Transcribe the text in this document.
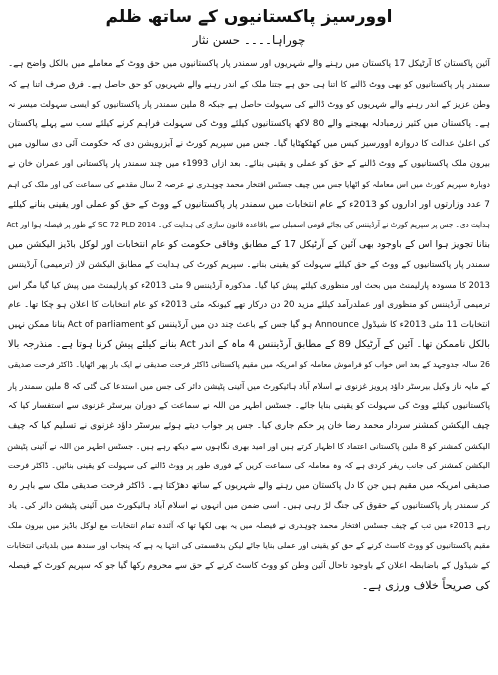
اوورسیز پاکستانیوں کے ساتھ ظلم
چوراہا۔۔۔۔ حسن نثار
آئین پاکستان کا آرٹیکل 17 پاکستان میں رہنے والے شہریوں اور سمندر پار پاکستانیوں میں حق ووٹ کے معاملے میں بالکل واضح ہے۔
سمندر پار پاکستانیوں کو بھی ووٹ ڈالنے کا اتنا ہی حق ہے جتنا ملک کے اندر رہنے والے شہریوں کو حق حاصل ہے۔ فرق صرف اتنا ہے کہ
وطن عزیز کے اندر رہنے والے شہریوں کو ووٹ ڈالنے کی سہولت حاصل ہے جبکہ 8 ملین سمندر پار پاکستانیوں کو ایسی سہولت میسر نہ
ہے۔ پاکستان میں کثیر زرمبادلہ بھیجنے والے 80 لاکھ پاکستانیوں کیلئے ووٹ کی سہولت فراہم کرنے کیلئے سب سے پہلے پاکستان
کی اعلیٰ عدالت کا دروازہ اوورسیز کیس میں کھٹکھٹایا گیا۔ جس میں سپریم کورٹ نے آبزرویشن دی کہ حکومت آئی دی سالوں میں
بیرون ملک پاکستانیوں کے ووٹ ڈالنے کے حق کو عملی و یقینی بنائے۔ بعد ازاں 1993ء میں چند سمندر پار پاکستانی اور عمران خان نے
دوبارہ سپریم کورٹ میں اس معاملہ کو اٹھایا جس میں چیف جسٹس افتخار محمد چوہدری نے عرصہ 2 سال مقدمے کی سماعت کی اور ملک کی اہم
7 عدد وزارتوں اور اداروں کو 2013ء کے عام انتخابات میں سمندر پار پاکستانیوں کے ووٹ کے حق کو عملی اور یقینی بنانے کیلئے
ہدایت دی۔ جس پر سپریم کورٹ نے آرڈیننس کی بجائے قومی اسمبلی سے باقاعدہ قانون سازی کی ہدایت کی۔ SC 72 PLD 2014 کے طور پر فیصلہ ہوا اور Act
بنانا تجویز ہوا اس کے باوجود بھی آئین کے آرٹیکل 17 کے مطابق وفاقی حکومت کو عام انتخابات اور لوکل باڈیز الیکشن میں
سمندر پار پاکستانیوں کے ووٹ کے حق کیلئے سہولت کو یقینی بنانے۔ سپریم کورٹ کی ہدایت کے مطابق الیکشن لاز (ترمیمی) آرڈیننس
2013 کا مسودہ پارلیمنٹ میں بحث اور منظوری کیلئے پیش کیا گیا۔ مذکورہ آرڈیننس 9 مئی 2013ء کو پارلیمنٹ میں پیش کیا گیا مگر اس
ترمیمی آرڈیننس کو منظوری اور عملدرآمد کیلئے مزید 20 دن درکار تھے کیونکہ مئی 2013ء کو عام انتخابات کا اعلان ہو چکا تھا۔ عام
انتخابات 11 مئی 2013ء کا شیڈول Announce ہو گیا جس کے باعث چند دن میں آرڈیننس کو Act of parliament بنانا ممکن نہیں
بالکل ناممکن تھا۔ آئین کے آرٹیکل 89 کے مطابق آرڈیننس 4 ماہ کے اندر Act بنانے کیلئے پیش کرنا ہوتا ہے۔ منذرجہ بالا
26 سالہ جدوجہد کے بعد اس خواب کو فراموش معاملہ کو امریکہ میں مقیم پاکستانی ڈاکٹر فرحت صدیقی نے ایک بار پھر اٹھایا۔ ڈاکٹر فرحت صدیقی
کے مایہ ناز وکیل بیرسٹر داؤد پرویز غزنوی نے اسلام آباد ہائیکورٹ میں آئینی پٹیشن دائر کی جس میں استدعا کی گئی کہ 8 ملین سمندر پار
پاکستانیوں کیلئے ووٹ کی سہولت کو یقینی بنایا جائے۔ جسٹس اطہر من اللہ نے سماعت کے دوران بیرسٹر غزنوی سے استفسار کیا کہ
چیف الیکشن کمشنر سردار محمد رضا خان پر حکم جاری کیا۔ جس پر جواب دیتے ہوئے بیرسٹر داؤد غزنوی نے تسلیم کیا کہ چیف
الیکشن کمشنر کو 8 ملین پاکستانی اعتماد کا اظہار کرتے ہیں اور امید بھری نگاہوں سے دیکھ رہے ہیں۔ جسٹس اطہر من اللہ نے آئینی پٹیشن
الیکشن کمشنر کی جانب ریفر کردی ہے کہ وہ معاملہ کی سماعت کریں کے فوری طور پر ووٹ ڈالنے کی سہولت کو یقینی بنائیں۔ ڈاکٹر فرحت
صدیقی امریکہ میں مقیم ہیں جن کا دل پاکستان میں رہنے والے شہریوں کے ساتھ دھڑکتا ہے۔ ڈاکٹر فرحت صدیقی ملک سے باہر رہ
کر سمندر پار پاکستانیوں کے حقوق کی جنگ لڑ رہی ہیں۔ اسی ضمن میں انہوں نے اسلام آباد ہائیکورٹ میں آئینی پٹیشن دائر کی۔ یاد
رہے 2013ء میں تب کے چیف جسٹس افتخار محمد چوہدری نے فیصلہ میں یہ بھی لکھا تھا کہ آئندہ تمام انتخابات مع لوکل باڈیز میں بیرون ملک
مقیم پاکستانیوں کو ووٹ کاسٹ کرنے کے حق کو یقینی اور عملی بنایا جائے لیکن بدقسمتی کی انتہا یہ ہے کہ پنجاب اور سندھ میں بلدیاتی انتخابات
کے شیڈول کے باضابطہ اعلان کے باوجود تاحال آئین وطن کو ووٹ کاسٹ کرنے کے حق سے محروم رکھا گیا جو کہ سپریم کورٹ کے فیصلہ
کی صریحاً خلاف ورزی ہے۔
